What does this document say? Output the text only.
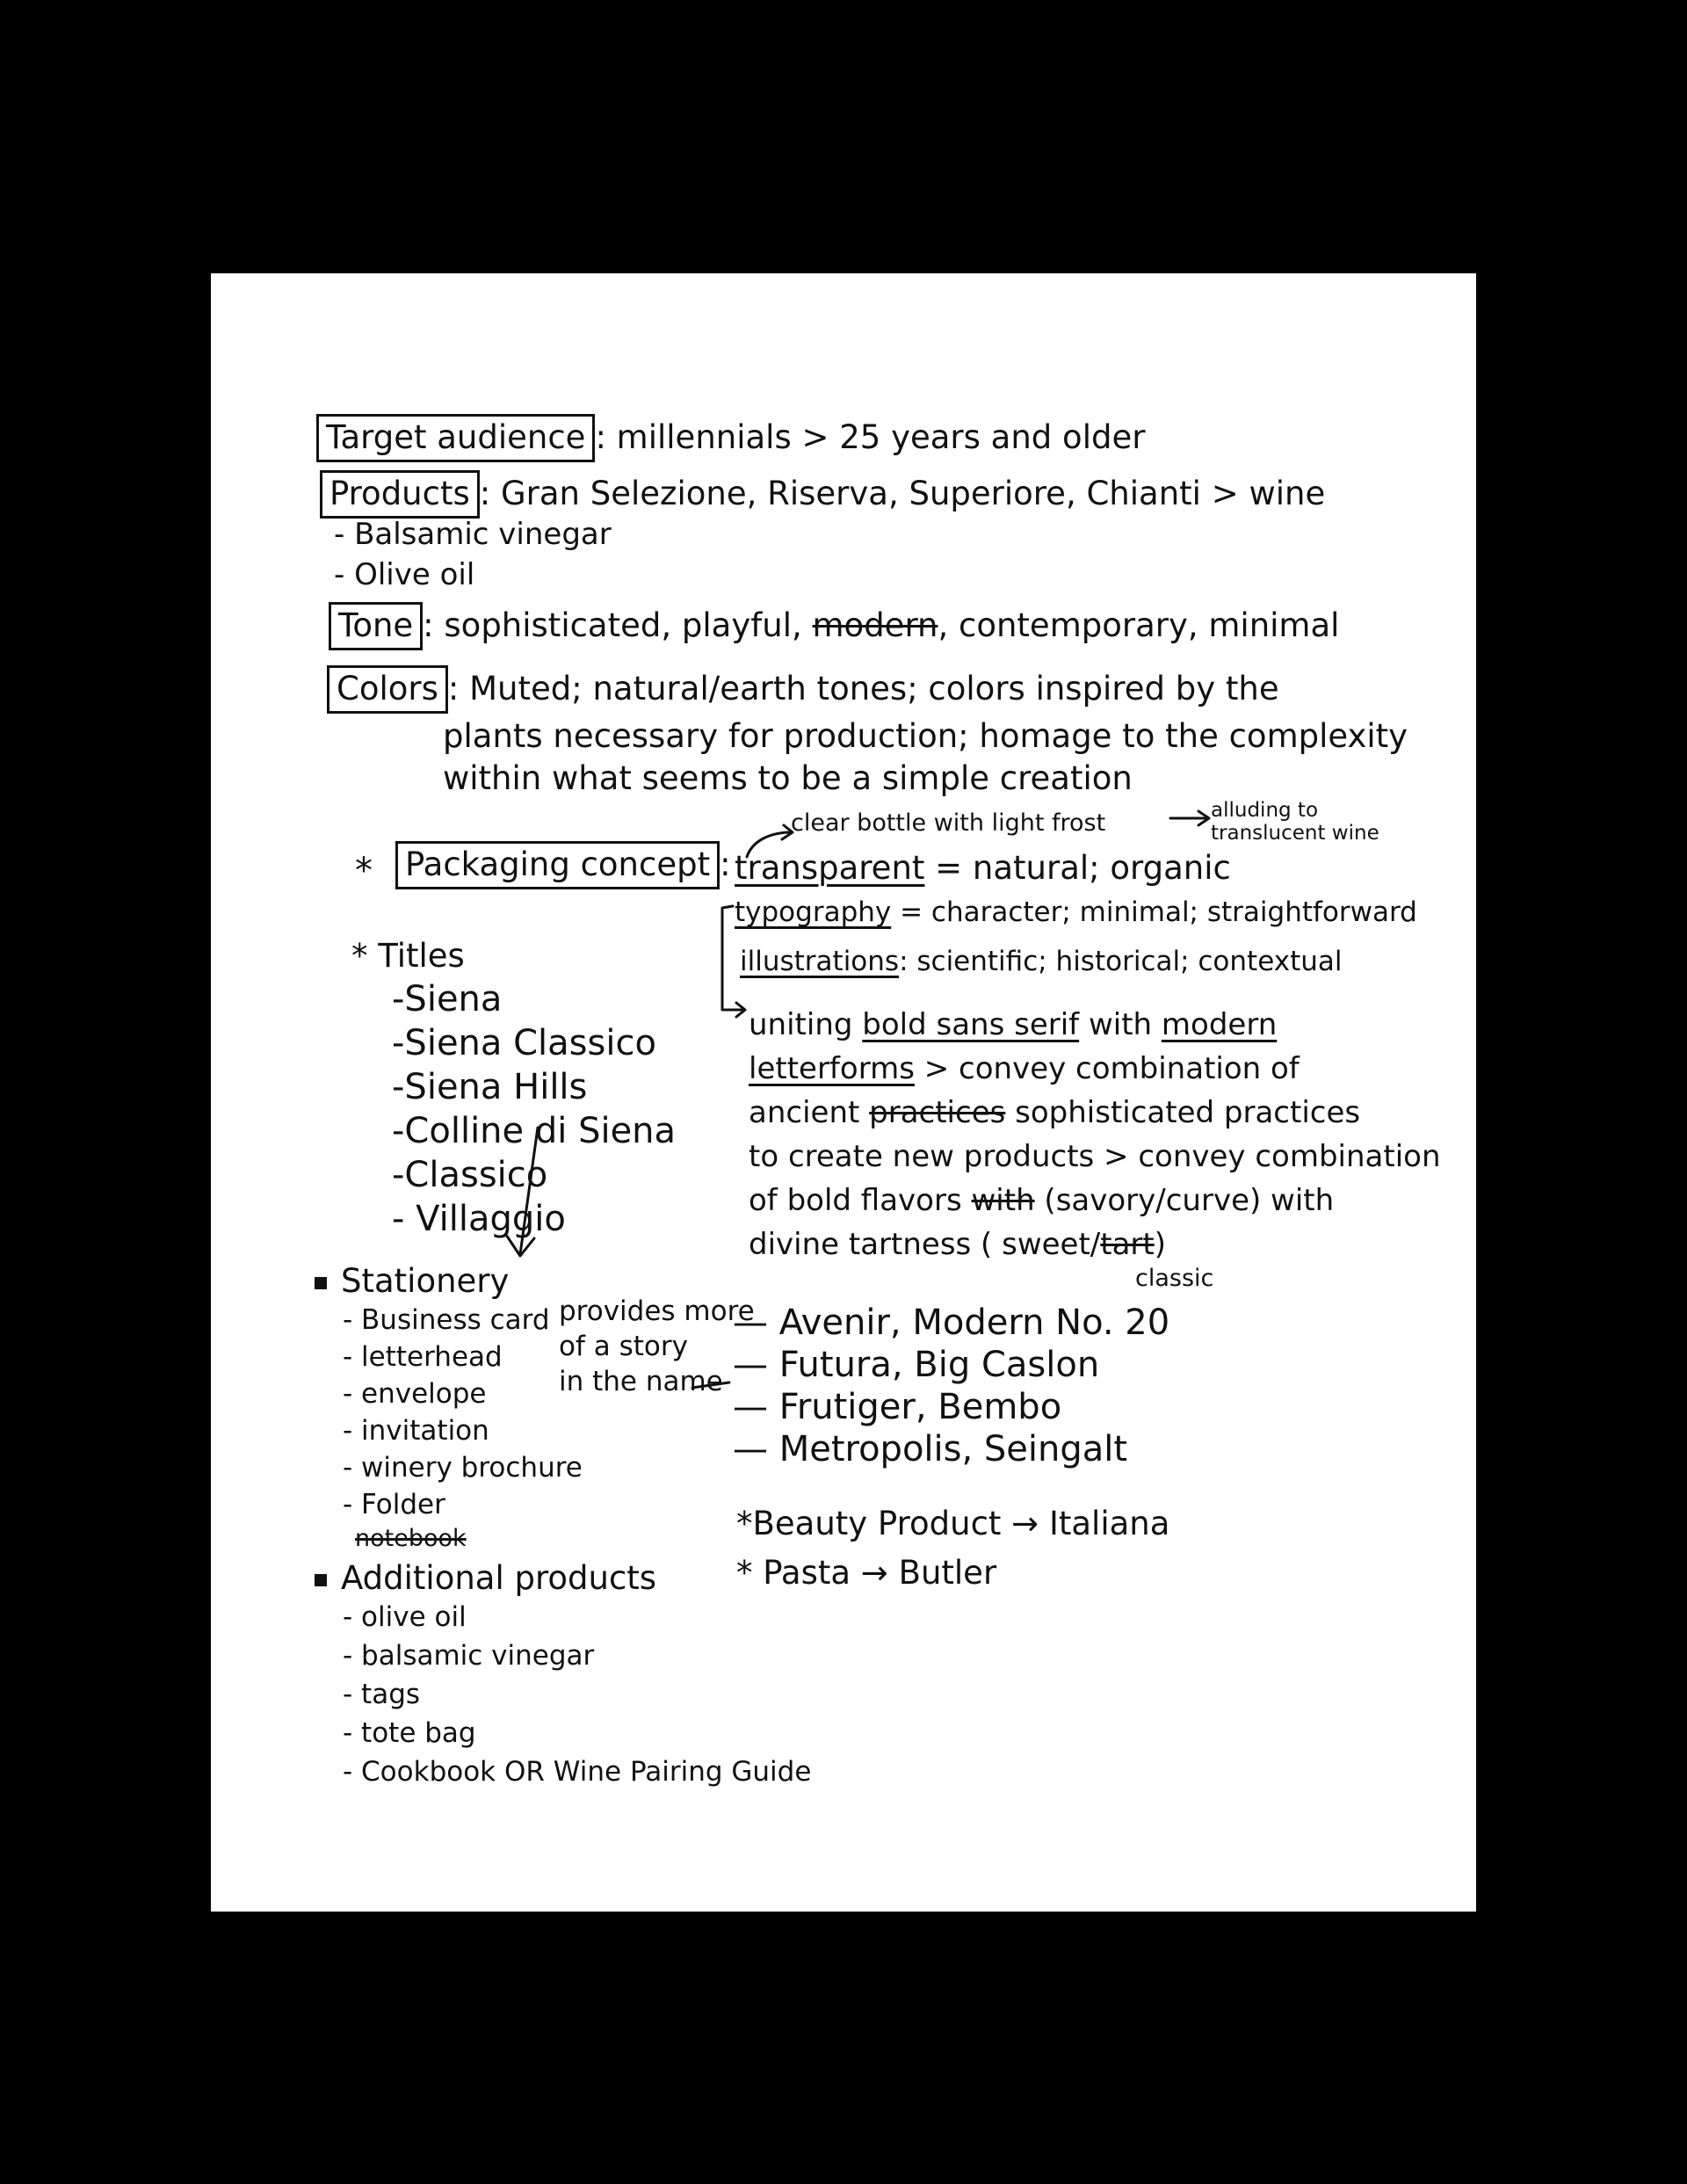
Target audience : millennials > 25 years and older
Products : Gran Selezione, Riserva, Superiore, Chianti > wine
- Balsamic vinegar
- Olive oil
Tone : sophisticated, playful, modern, contemporary, minimal
Colors : Muted; natural/earth tones; colors inspired by the
plants necessary for production; homage to the complexity
within what seems to be a simple creation
* Packaging concept :
clear bottle with light frost	alluding to
translucent wine
transparent = natural; organic
typography = character; minimal; straightforward
illustrations: scientific; historical; contextual
uniting bold sans serif with modern
letterforms > convey combination of
ancient practices sophisticated practices
to create new products > convey combination
of bold flavors with (savory/curve) with
divine tartness ( sweet/tart)
classic
* Titles
-Siena
-Siena Classico
-Siena Hills
-Colline di Siena
-Classico
- Villaggio
provides more
of a story
in the name
— Avenir, Modern No. 20
— Futura, Big Caslon
— Frutiger, Bembo
— Metropolis, Seingalt
Stationery
- Business card
- letterhead
- envelope
- invitation
- winery brochure
- Folder
notebook	*Beauty Product → Italiana
* Pasta → Butler
Additional products
- olive oil
- balsamic vinegar
- tags
- tote bag
- Cookbook OR Wine Pairing Guide
